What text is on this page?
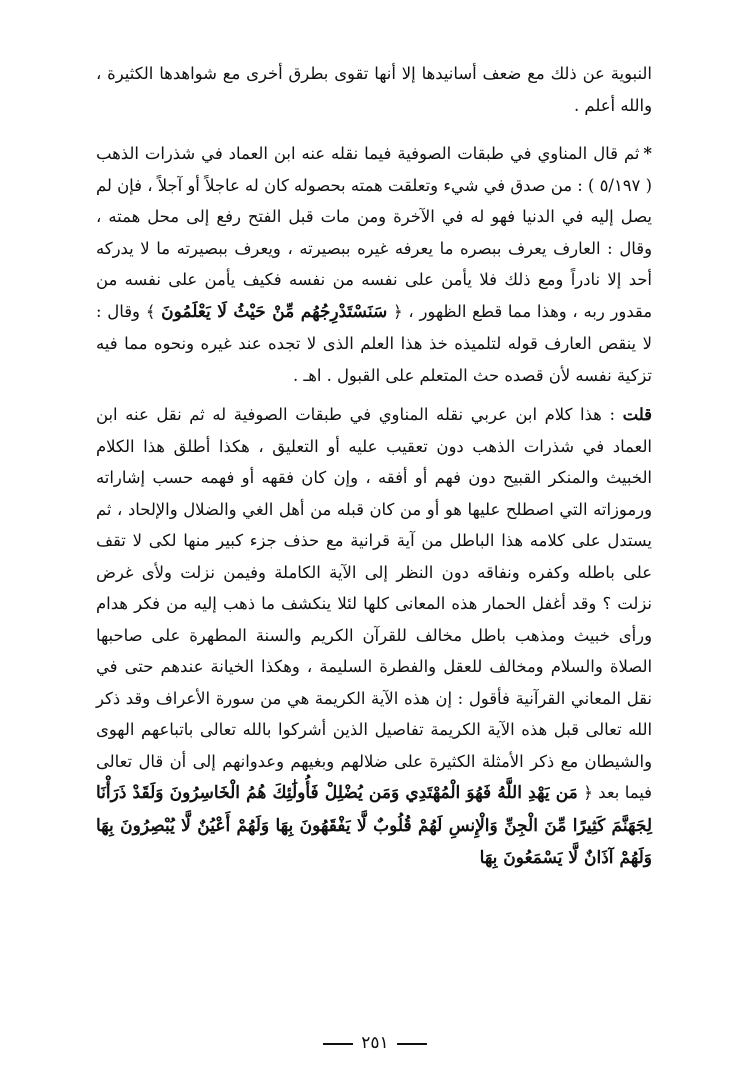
النبوية عن ذلك مع ضعف أسانيدها إلا أنها تقوى بطرق أخرى مع شواهدها الكثيرة ، والله أعلم .

*ثم قال المناوي في طبقات الصوفية فيما نقله عنه ابن العماد في شذرات الذهب ( ٥/١٩٧ ) : من صدق في شيء وتعلقت همته بحصوله كان له عاجلاً أو آجلاً ، فإن لم يصل إليه في الدنيا فهو له في الآخرة ومن مات قبل الفتح رفع إلى محل همته ، وقال : العارف يعرف ببصره ما يعرفه غيره ببصيرته ، ويعرف ببصيرته ما لا يدركه أحد إلا نادراً ومع ذلك فلا يأمن على نفسه من نفسه فكيف يأمن على نفسه من مقدور ربه ، وهذا مما قطع الظهور ، ﴿ سَنَسْتَدْرِجُهُم مِّنْ حَيْثُ لَا يَعْلَمُونَ ﴾ وقال : لا ينقص العارف قوله لتلميذه خذ هذا العلم الذى لا تجده عند غيره ونحوه مما فيه تزكية نفسه لأن قصده حث المتعلم على القبول . اهـ .

قلت : هذا كلام ابن عربي نقله المناوي في طبقات الصوفية له ثم نقل عنه ابن العماد في شذرات الذهب دون تعقيب عليه أو التعليق ، هكذا أطلق هذا الكلام الخبيث والمنكر القبيح دون فهم أو أفقه ، وإن كان فقهه أو فهمه حسب إشاراته ورموزاته التي اصطلح عليها هو أو من كان قبله من أهل الغي والضلال والإلحاد ، ثم يستدل على كلامه هذا الباطل من آية قرانية مع حذف جزء كبير منها لكى لا تقف على باطله وكفره ونفاقه دون النظر إلى الآية الكاملة وفيمن نزلت ولأى غرض نزلت ؟ وقد أغفل الحمار هذه المعانى كلها لئلا ينكشف ما ذهب إليه من فكر هدام ورأى خبيث ومذهب باطل مخالف للقرآن الكريم والسنة المطهرة على صاحبها الصلاة والسلام ومخالف للعقل والفطرة السليمة ، وهكذا الخيانة عندهم حتى في نقل المعاني القرآنية فأقول : إن هذه الآية الكريمة هي من سورة الأعراف وقد ذكر الله تعالى قبل هذه الآية الكريمة تفاصيل الذين أشركوا بالله تعالى باتباعهم الهوى والشيطان مع ذكر الأمثلة الكثيرة على ضلالهم وبغيهم وعدوانهم إلى أن قال تعالى فيما بعد ﴿ مَن يَهْدِ اللَّهُ فَهُوَ الْمُهْتَدِي وَمَن يُضْلِلْ فَأُولَٰئِكَ هُمُ الْخَاسِرُونَ وَلَقَدْ ذَرَأْنَا لِجَهَنَّمَ كَثِيرًا مِّنَ الْجِنِّ وَالْإِنسِ لَهُمْ قُلُوبٌ لَّا يَفْقَهُونَ بِهَا وَلَهُمْ أَعْيُنٌ لَّا يُبْصِرُونَ بِهَا وَلَهُمْ آذَانٌ لَّا يَسْمَعُونَ بِهَا

٢٥١
